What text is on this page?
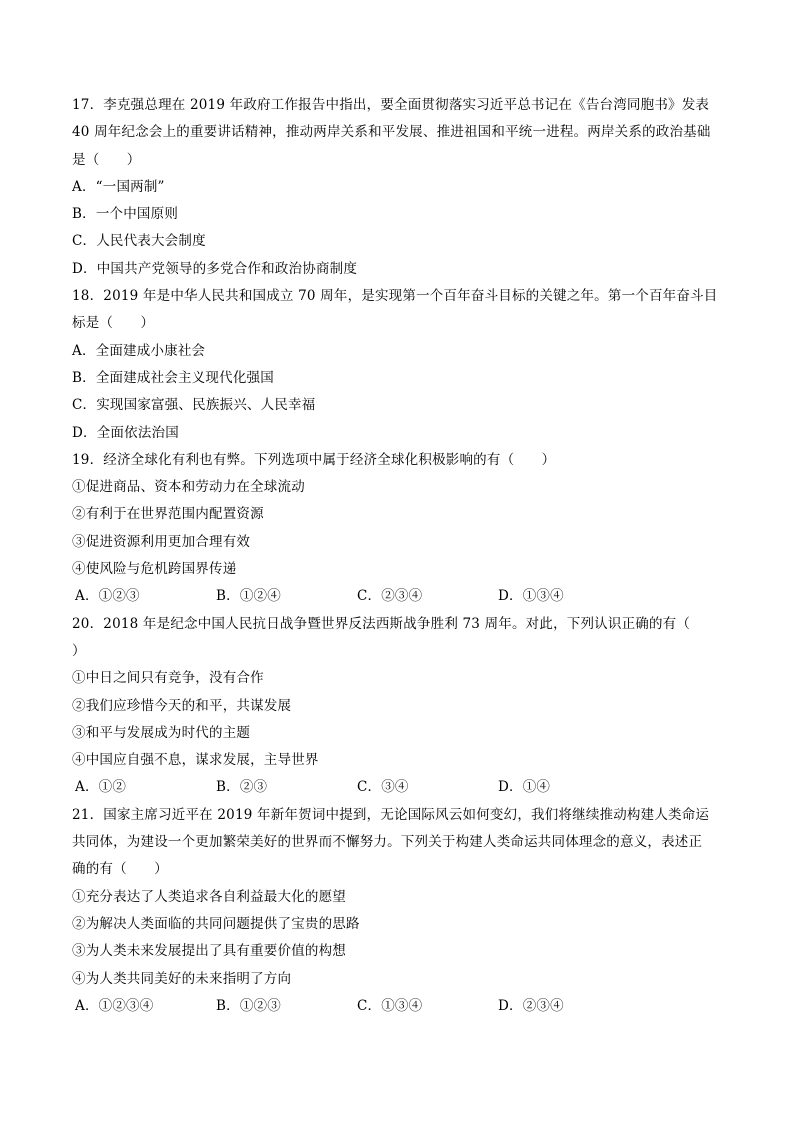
17．李克强总理在 2019 年政府工作报告中指出，要全面贯彻落实习近平总书记在《告台湾同胞书》发表
40 周年纪念会上的重要讲话精神，推动两岸关系和平发展、推进祖国和平统一进程。两岸关系的政治基础
是（　　）
A．“一国两制”
B．一个中国原则
C．人民代表大会制度
D．中国共产党领导的多党合作和政治协商制度
18．2019 年是中华人民共和国成立 70 周年，是实现第一个百年奋斗目标的关键之年。第一个百年奋斗目
标是（　　）
A．全面建成小康社会
B．全面建成社会主义现代化强国
C．实现国家富强、民族振兴、人民幸福
D．全面依法治国
19．经济全球化有利也有弊。下列选项中属于经济全球化积极影响的有（　　）
①促进商品、资本和劳动力在全球流动
②有利于在世界范围内配置资源
③促进资源利用更加合理有效
④使风险与危机跨国界传递
A．①②③	B．①②④	C．②③④	D．①③④
20．2018 年是纪念中国人民抗日战争暨世界反法西斯战争胜利 73 周年。对此，下列认识正确的有（
）
①中日之间只有竞争，没有合作
②我们应珍惜今天的和平，共谋发展
③和平与发展成为时代的主题
④中国应自强不息，谋求发展，主导世界
A．①②	B．②③	C．③④	D．①④
21．国家主席习近平在 2019 年新年贺词中提到，无论国际风云如何变幻，我们将继续推动构建人类命运
共同体，为建设一个更加繁荣美好的世界而不懈努力。下列关于构建人类命运共同体理念的意义，表述正
确的有（　　）
①充分表达了人类追求各自利益最大化的愿望
②为解决人类面临的共同问题提供了宝贵的思路
③为人类未来发展提出了具有重要价值的构想
④为人类共同美好的未来指明了方向
A．①②③④	B．①②③	C．①③④	D．②③④
